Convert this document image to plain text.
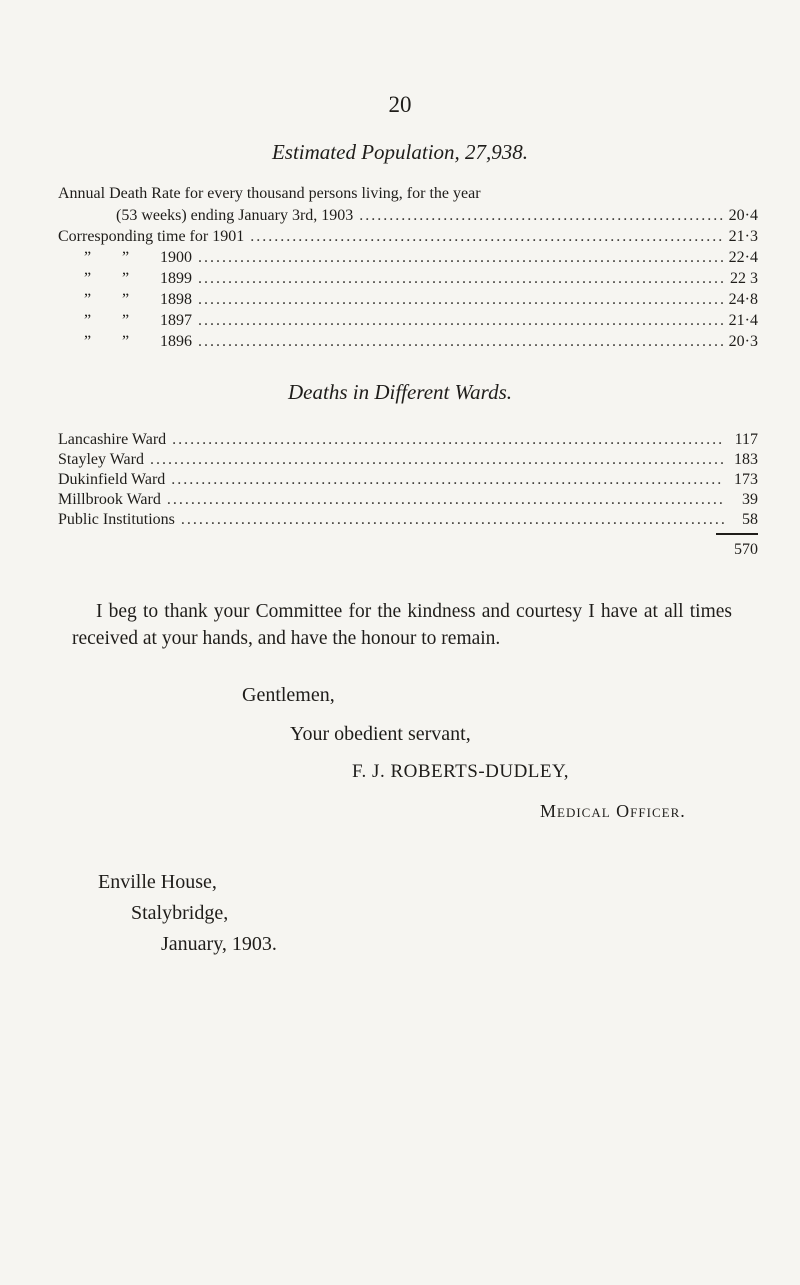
20
Estimated Population, 27,938.
Annual Death Rate for every thousand persons living, for the year
(53 weeks) ending January 3rd, 1903 .....	20·4
Corresponding time for 1901 .....	21·3
” ” 1900 .....	22·4
” ” 1899 .....	22 3
” ” 1898 .....	24·8
” ” 1897 .....	21·4
” ” 1896 .....	20·3
Deaths in Different Wards.
Lancashire Ward .....	117
Stayley Ward .....	183
Dukinfield Ward .....	173
Millbrook Ward .....	39
Public Institutions .....	58
570
I beg to thank your Committee for the kindness and courtesy I have at all times received at your hands, and have the honour to remain.
Gentlemen,
Your obedient servant,
F. J. ROBERTS-DUDLEY,
Medical Officer.
Enville House,
Stalybridge,
January, 1903.
